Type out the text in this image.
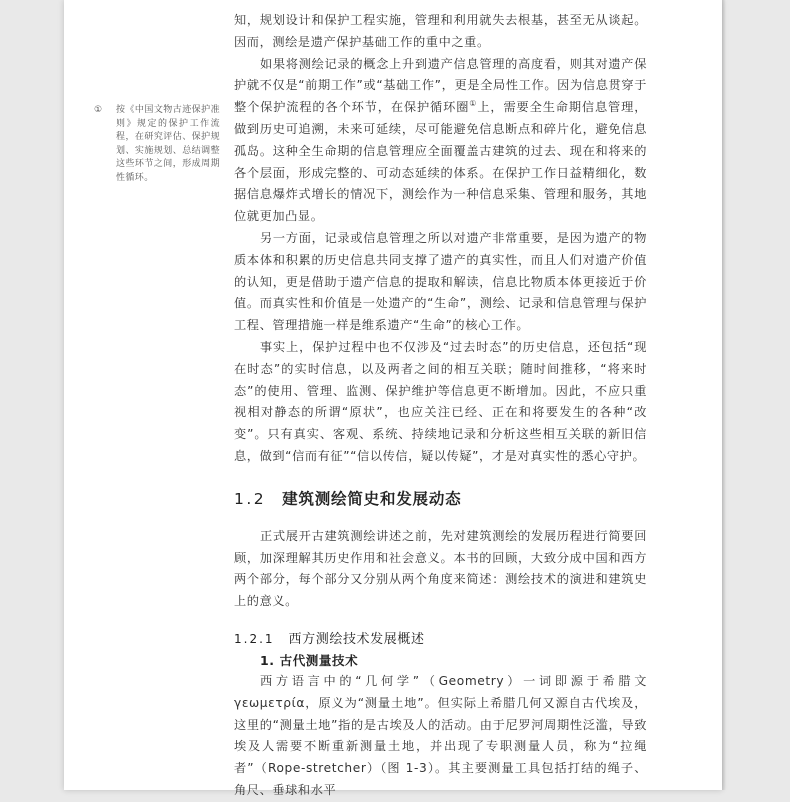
① 按《中国文物古迹保护准则》规定的保护工作流程，在研究评估、保护规划、实施规划、总结调整这些环节之间，形成周期性循环。

知，规划设计和保护工程实施，管理和利用就失去根基，甚至无从谈起。因而，测绘是遗产保护基础工作的重中之重。

如果将测绘记录的概念上升到遗产信息管理的高度看，则其对遗产保护就不仅是“前期工作”或“基础工作”，更是全局性工作。因为信息贯穿于整个保护流程的各个环节，在保护循环圈①上，需要全生命期信息管理，做到历史可追溯，未来可延续，尽可能避免信息断点和碎片化，避免信息孤岛。这种全生命期的信息管理应全面覆盖古建筑的过去、现在和将来的各个层面，形成完整的、可动态延续的体系。在保护工作日益精细化，数据信息爆炸式增长的情况下，测绘作为一种信息采集、管理和服务，其地位就更加凸显。

另一方面，记录或信息管理之所以对遗产非常重要，是因为遗产的物质本体和积累的历史信息共同支撑了遗产的真实性，而且人们对遗产价值的认知，更是借助于遗产信息的提取和解读，信息比物质本体更接近于价值。而真实性和价值是一处遗产的“生命”，测绘、记录和信息管理与保护工程、管理措施一样是维系遗产“生命”的核心工作。

事实上，保护过程中也不仅涉及“过去时态”的历史信息，还包括“现在时态”的实时信息，以及两者之间的相互关联；随时间推移，“将来时态”的使用、管理、监测、保护维护等信息更不断增加。因此，不应只重视相对静态的所谓“原状”，也应关注已经、正在和将要发生的各种“改变”。只有真实、客观、系统、持续地记录和分析这些相互关联的新旧信息，做到“信而有征”“信以传信，疑以传疑”，才是对真实性的悉心守护。

1.2 建筑测绘简史和发展动态

正式展开古建筑测绘讲述之前，先对建筑测绘的发展历程进行简要回顾，加深理解其历史作用和社会意义。本书的回顾，大致分成中国和西方两个部分，每个部分又分别从两个角度来简述：测绘技术的演进和建筑史上的意义。

1.2.1 西方测绘技术发展概述
1. 古代测量技术

西方语言中的“几何学”（Geometry）一词即源于希腊文 γεωμετρία，原义为“测量土地”。但实际上希腊几何又源自古代埃及，这里的“测量土地”指的是古埃及人的活动。由于尼罗河周期性泛滥，导致埃及人需要不断重新测量土地，并出现了专职测量人员，称为“拉绳者”（Rope-stretcher）（图 1-3）。其主要测量工具包括打结的绳子、角尺、垂球和水平
